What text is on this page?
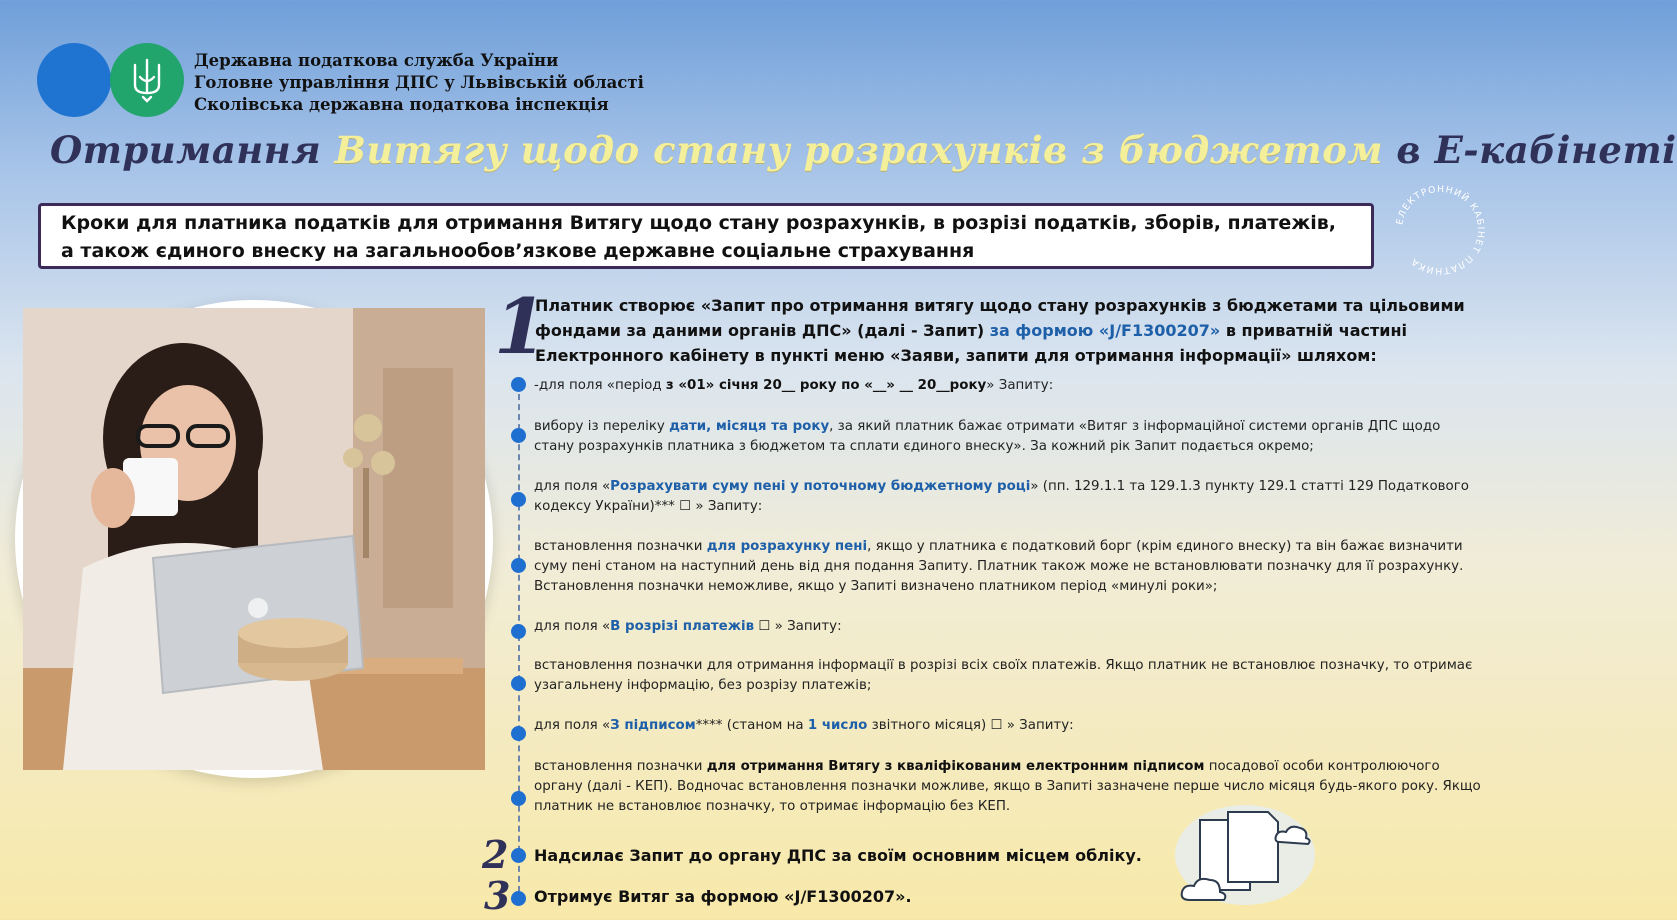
Державна податкова служба України
Головне управління ДПС у Львівській області
Сколівська державна податкова інспекція
Отримання Витягу щодо стану розрахунків з бюджетом в Е-кабінеті
Кроки для платника податків для отримання Витягу щодо стану розрахунків, в розрізі податків, зборів, платежів, а також єдиного внеску на загальнообов’язкове державне соціальне страхування
ЕЛЕКТРОННИЙ КАБІНЕТ ПЛАТНИКА
1
2
3
Платник створює «Запит про отримання витягу щодо стану розрахунків з бюджетами та цільовими фондами за даними органів ДПС» (далі - Запит) за формою «J/F1300207» в приватній частині Електронного кабінету в пункті меню «Заяви, запити для отримання інформації» шляхом:
-для поля «період з «01» січня 20__ року по «__» __ 20__року» Запиту:
вибору із переліку дати, місяця та року, за який платник бажає отримати «Витяг з інформаційної системи органів ДПС щодо стану розрахунків платника з бюджетом та сплати єдиного внеску». За кожний рік Запит подається окремо;
для поля «Розрахувати суму пені у поточному бюджетному році» (пп. 129.1.1 та 129.1.3 пункту 129.1 статті 129 Податкового кодексу України)*** ☐ » Запиту:
встановлення позначки для розрахунку пені, якщо у платника є податковий борг (крім єдиного внеску) та він бажає визначити суму пені станом на наступний день від дня подання Запиту. Платник також може не встановлювати позначку для її розрахунку. Встановлення позначки неможливе, якщо у Запиті визначено платником період «минулі роки»;
для поля «В розрізі платежів ☐ » Запиту:
встановлення позначки для отримання інформації в розрізі всіх своїх платежів. Якщо платник не встановлює позначку, то отримає узагальнену інформацію, без розрізу платежів;
для поля «З підписом**** (станом на 1 число звітного місяця) ☐ » Запиту:
встановлення позначки для отримання Витягу з кваліфікованим електронним підписом посадової особи контролюючого органу (далі - КЕП). Водночас встановлення позначки можливе, якщо в Запиті зазначене перше число місяця будь-якого року. Якщо платник не встановлює позначку, то отримає інформацію без КЕП.
Надсилає Запит до органу ДПС за своїм основним місцем обліку.
Отримує Витяг за формою «J/F1300207».
